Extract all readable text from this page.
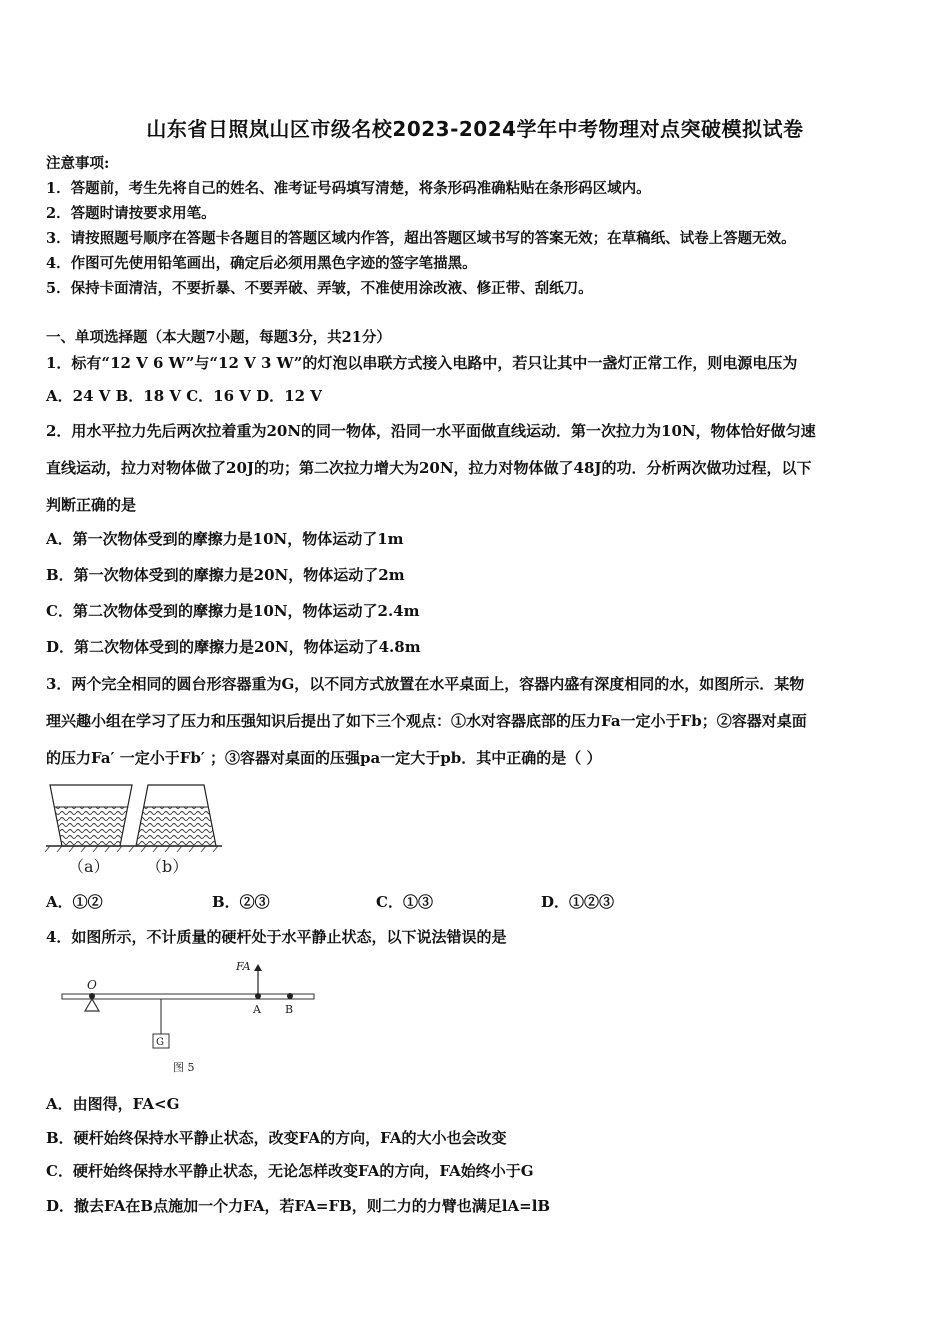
山东省日照岚山区市级名校2023-2024学年中考物理对点突破模拟试卷
注意事项:
1．答题前，考生先将自己的姓名、准考证号码填写清楚，将条形码准确粘贴在条形码区域内。
2．答题时请按要求用笔。
3．请按照题号顺序在答题卡各题目的答题区域内作答，超出答题区域书写的答案无效；在草稿纸、试卷上答题无效。
4．作图可先使用铅笔画出，确定后必须用黑色字迹的签字笔描黑。
5．保持卡面清洁，不要折暴、不要弄破、弄皱，不准使用涂改液、修正带、刮纸刀。
一、单项选择题（本大题7小题，每题3分，共21分）
1．标有“12 V 6 W”与“12 V 3 W”的灯泡以串联方式接入电路中，若只让其中一盏灯正常工作，则电源电压为
A．24 V B．18 V C．16 V D．12 V
2．用水平拉力先后两次拉着重为20N的同一物体，沿同一水平面做直线运动．第一次拉力为10N，物体恰好做匀速
直线运动，拉力对物体做了20J的功；第二次拉力增大为20N，拉力对物体做了48J的功．分析两次做功过程，以下
判断正确的是
A．第一次物体受到的摩擦力是10N，物体运动了1m
B．第一次物体受到的摩擦力是20N，物体运动了2m
C．第二次物体受到的摩擦力是10N，物体运动了2.4m
D．第二次物体受到的摩擦力是20N，物体运动了4.8m
3．两个完全相同的圆台形容器重为G，以不同方式放置在水平桌面上，容器内盛有深度相同的水，如图所示．某物
理兴趣小组在学习了压力和压强知识后提出了如下三个观点：①水对容器底部的压力Fa一定小于Fb；②容器对桌面
的压力Fa′ 一定小于Fb′ ；③容器对桌面的压强pa一定大于pb．其中正确的是（ ）
（a） （b）
A．①②	B．②③	C．①③	D．①②③
4．如图所示，不计质量的硬杆处于水平静止状态，以下说法错误的是
O
FA
A B
G
图 5
A．由图得，FA<G
B．硬杆始终保持水平静止状态，改变FA的方向，FA的大小也会改变
C．硬杆始终保持水平静止状态，无论怎样改变FA的方向，FA始终小于G
D．撤去FA在B点施加一个力FA，若FA=FB，则二力的力臂也满足lA=lB
